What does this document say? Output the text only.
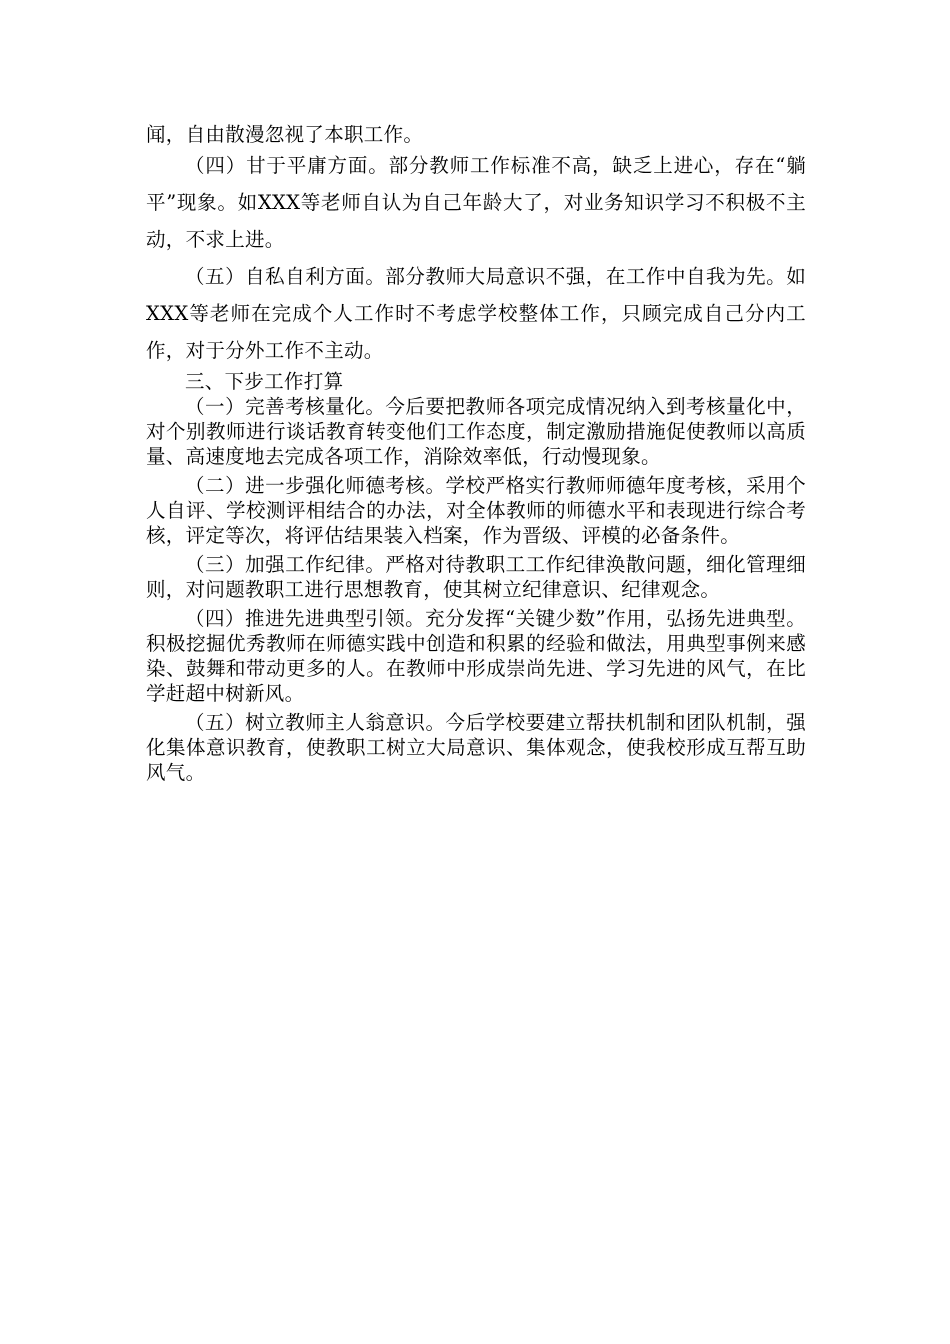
闻，自由散漫忽视了本职工作。

（四）甘于平庸方面。部分教师工作标准不高，缺乏上进心，存在“躺平”现象。如XXX等老师自认为自己年龄大了，对业务知识学习不积极不主动，不求上进。

（五）自私自利方面。部分教师大局意识不强，在工作中自我为先。如XXX等老师在完成个人工作时不考虑学校整体工作，只顾完成自己分内工作，对于分外工作不主动。

三、下步工作打算

（一）完善考核量化。今后要把教师各项完成情况纳入到考核量化中，对个别教师进行谈话教育转变他们工作态度，制定激励措施促使教师以高质量、高速度地去完成各项工作，消除效率低，行动慢现象。

（二）进一步强化师德考核。学校严格实行教师师德年度考核，采用个人自评、学校测评相结合的办法，对全体教师的师德水平和表现进行综合考核，评定等次，将评估结果装入档案，作为晋级、评模的必备条件。

（三）加强工作纪律。严格对待教职工工作纪律涣散问题，细化管理细则，对问题教职工进行思想教育，使其树立纪律意识、纪律观念。

（四）推进先进典型引领。充分发挥“关键少数”作用，弘扬先进典型。积极挖掘优秀教师在师德实践中创造和积累的经验和做法，用典型事例来感染、鼓舞和带动更多的人。在教师中形成崇尚先进、学习先进的风气，在比学赶超中树新风。

（五）树立教师主人翁意识。今后学校要建立帮扶机制和团队机制，强化集体意识教育，使教职工树立大局意识、集体观念，使我校形成互帮互助风气。
